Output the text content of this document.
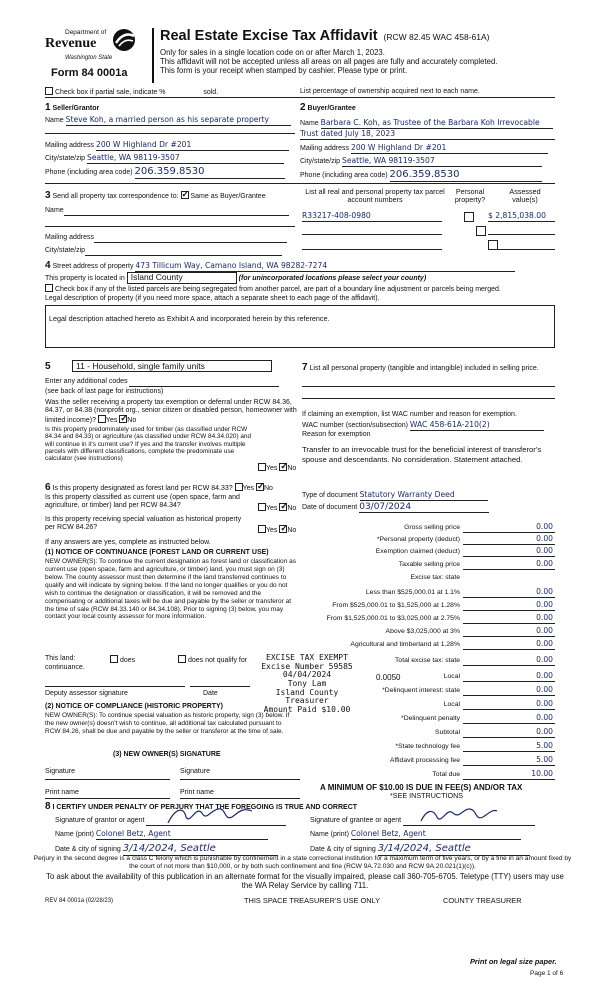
Department of
Revenue
Washington State
Form 84 0001a
Real Estate Excise Tax Affidavit (RCW 82.45 WAC 458-61A)
Only for sales in a single location code on or after March 1, 2023.
This affidavit will not be accepted unless all areas on all pages are fully and accurately completed.
This form is your receipt when stamped by cashier. Please type or print.
Check box if partial sale, indicate %	sold.	List percentage of ownership acquired next to each name.
1 Seller/Grantor
Name Steve Koh, a married person as his separate property
Mailing address 200 W Highland Dr #201
City/state/zip Seattle, WA 98119-3507
Phone (including area code) 206.359.8530
2 Buyer/Grantee
Name Barbara C. Koh, as Trustee of the Barbara Koh Irrevocable
Trust dated July 18, 2023
Mailing address 200 W Highland Dr #201
City/state/zip Seattle, WA 98119-3507
Phone (including area code) 206.359.8530
3 Send all property tax correspondence to: ✓ Same as Buyer/Grantee
Name
Mailing address
City/state/zip
List all real and personal property tax parcel account numbers
Personal property?
Assessed value(s)
R33217-408-0980
	$ 2,815,038.00

4 Street address of property 473 Tillicum Way, Camano Island, WA 98282-7274
This property is located in Island County	(for unincorporated locations please select your county)
Check box if any of the listed parcels are being segregated from another parcel, are part of a boundary line adjustment or parcels being merged.
Legal description of property (if you need more space, attach a separate sheet to each page of the affidavit).
Legal description attached hereto as Exhibit A and incorporated herein by this reference.
5	11 - Household, single family units
Enter any additional codes
(see back of last page for instructions)
Was the seller receiving a property tax exemption or deferral under RCW 84.36, 84.37, or 84.38 (nonprofit org., senior citizen or disabled person, homeowner with limited income)? Yes ✓ No
Is this property predominately used for timber (as classified under RCW 84.34 and 84.33) or agriculture (as classified under RCW 84.34.020) and will continue in it's current use? If yes and the transfer involves multiple parcels with different classifications, complete the predominate use calculator (see instructions)
Yes ✓ No
6 Is this property designated as forest land per RCW 84.33? Yes ✓ No
Is this property classified as current use (open space, farm and agriculture, or timber) land per RCW 84.34?	Yes ✓ No
Is this property receiving special valuation as historical property per RCW 84.26?	Yes ✓ No
If any answers are yes, complete as instructed below.
(1) NOTICE OF CONTINUANCE (FOREST LAND OR CURRENT USE)
NEW OWNER(S): To continue the current designation as forest land or classification as current use (open space, farm and agriculture, or timber) land, you must sign on (3) below. The county assessor must then determine if the land transferred continues to qualify and will indicate by signing below. If the land no longer qualifies or you do not wish to continue the designation or classification, it will be removed and the compensating or additional taxes will be due and payable by the seller or transferor at the time of sale (RCW 84.33.140 or 84.34.108). Prior to signing (3) below, you may contact your local county assessor for more information.
This land:
continuance.
does	does not qualify for
Deputy assessor signature	Date
(2) NOTICE OF COMPLIANCE (HISTORIC PROPERTY)
NEW OWNER(S): To continue special valuation as historic property, sign (3) below. If the new owner(s) doesn't wish to continue, all additional tax calculated pursuant to RCW 84.26, shall be due and payable by the seller or transferor at the time of sale.
(3) NEW OWNER(S) SIGNATURE
Signature	Signature
Print name	Print name
EXCISE TAX EXEMPT
Excise Number 59585
04/04/2024
Tony Lam
Island County Treasurer
Amount Paid $10.00
7 List all personal property (tangible and intangible) included in selling price.
If claiming an exemption, list WAC number and reason for exemption.
WAC number (section/subsection) WAC 458-61A-210(2)
Reason for exemption
Transfer to an irrevocable trust for the beneficial interest of transferor's spouse and descendants. No consideration. Statement attached.
Type of document Statutory Warranty Deed
Date of document 03/07/2024
Gross selling price	0.00
*Personal property (deduct)	0.00
Exemption claimed (deduct)	0.00
Taxable selling price	0.00
Excise tax: state
Less than $525,000.01 at 1.1%	0.00
From $525,000.01 to $1,525,000 at 1.28%	0.00
From $1,525,000.01 to $3,025,000 at 2.75%	0.00
Above $3,025,000 at 3%	0.00
Agricultural and timberland at 1.28%	0.00
Total excise tax: state	0.00
Local	0.00
*Delinquent interest: state	0.00
Local	0.00
*Delinquent penalty	0.00
Subtotal	0.00
*State technology fee	5.00
Affidavit processing fee	5.00
Total due	10.00
0.0050
A MINIMUM OF $10.00 IS DUE IN FEE(S) AND/OR TAX
*SEE INSTRUCTIONS
8 I CERTIFY UNDER PENALTY OF PERJURY THAT THE FOREGOING IS TRUE AND CORRECT
Signature of grantor or agent

Name (print) Colonel Betz, Agent
Date & city of signing 3/14/2024, Seattle
Signature of grantee or agent

Name (print) Colonel Betz, Agent
Date & city of signing 3/14/2024, Seattle
Perjury in the second degree is a class C felony which is punishable by confinement in a state correctional institution for a maximum term of five years, or by a fine in an amount fixed by the court of not more than $10,000, or by both such confinement and fine (RCW 9A.72.030 and RCW 9A.20.021(1)(c)).
To ask about the availability of this publication in an alternate format for the visually impaired, please call 360-705-6705. Teletype (TTY) users may use the WA Relay Service by calling 711.
REV 84 0001a (02/28/23)	THIS SPACE TREASURER'S USE ONLY	COUNTY TREASURER
Print on legal size paper.
Page 1 of 6
